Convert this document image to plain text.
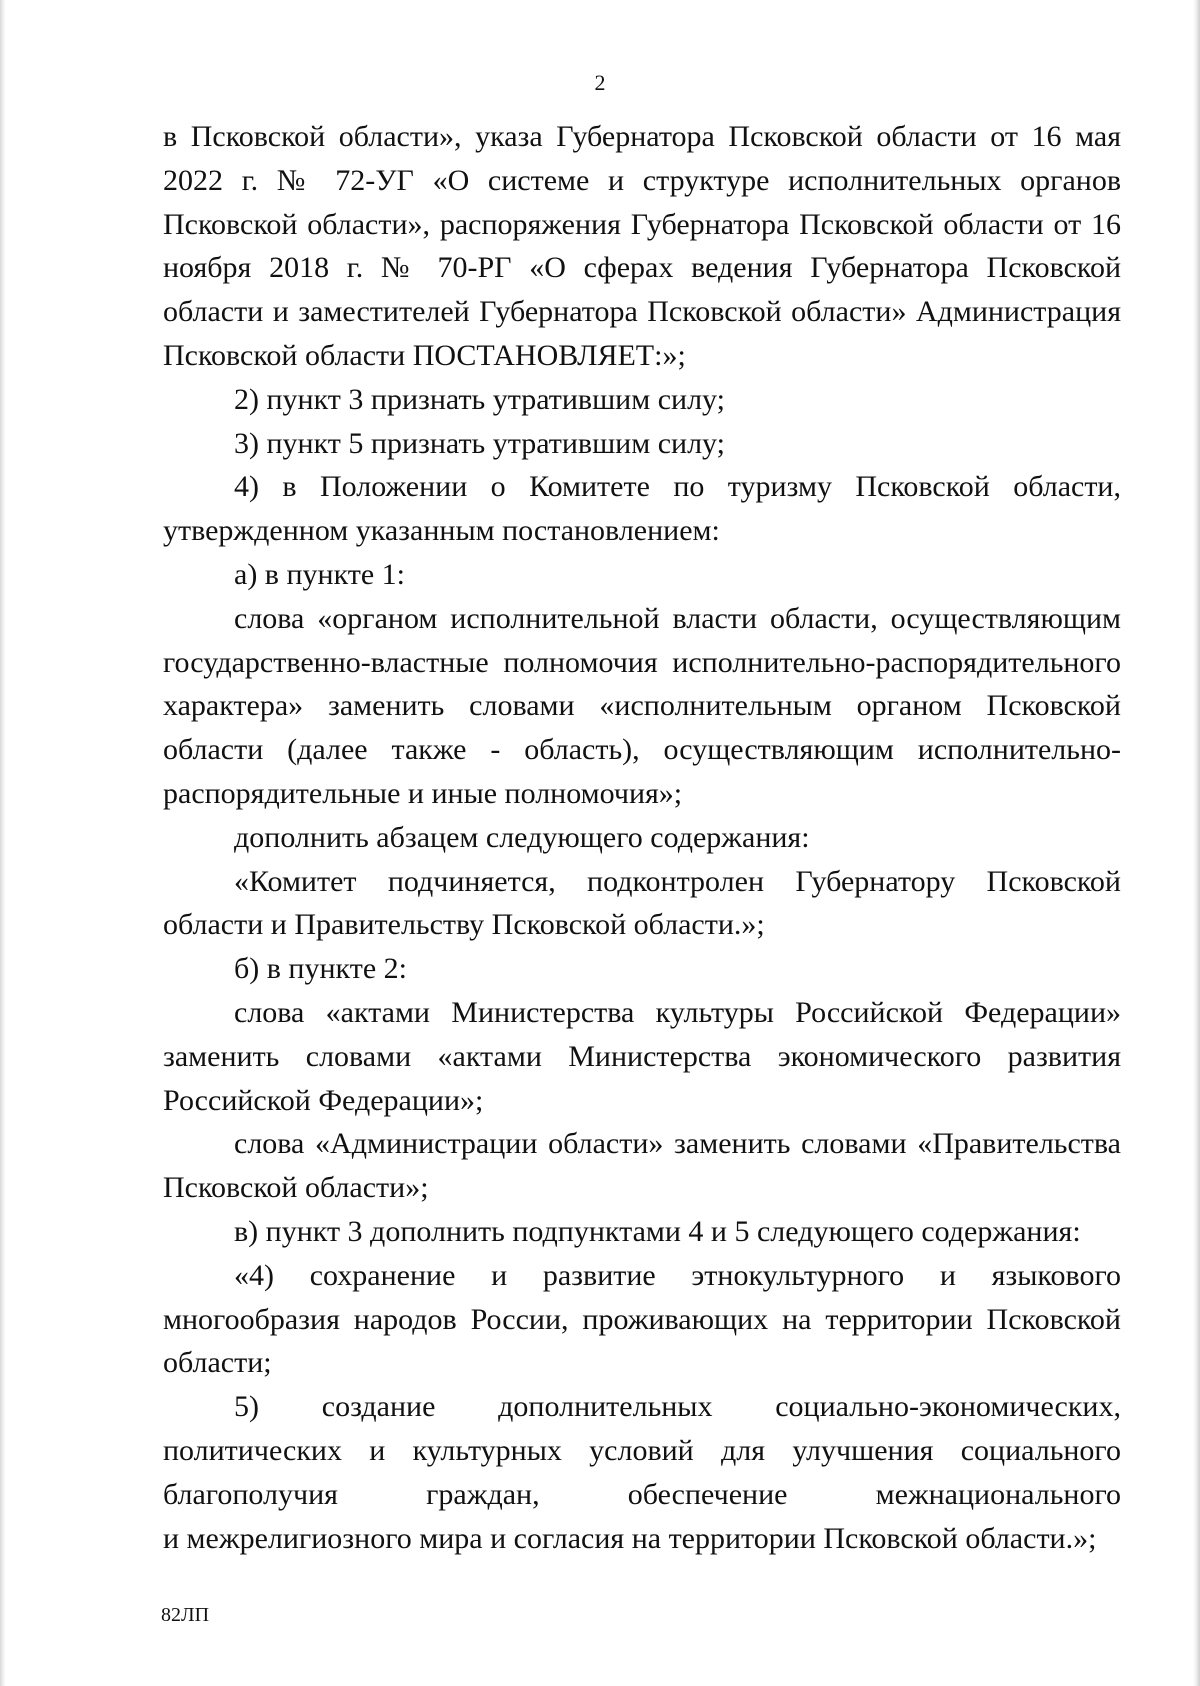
2

в Псковской области», указа Губернатора Псковской области от 16 мая 2022 г. № 72-УГ «О системе и структуре исполнительных органов Псковской области», распоряжения Губернатора Псковской области от 16 ноября 2018 г. № 70-РГ «О сферах ведения Губернатора Псковской области и заместителей Губернатора Псковской области» Администрация Псковской области ПОСТАНОВЛЯЕТ:»;

2) пункт 3 признать утратившим силу;

3) пункт 5 признать утратившим силу;

4) в Положении о Комитете по туризму Псковской области, утвержденном указанным постановлением:

а) в пункте 1:

слова «органом исполнительной власти области, осуществляющим государственно-властные полномочия исполнительно-распорядительного характера» заменить словами «исполнительным органом Псковской области (далее также - область), осуществляющим исполнительно-распорядительные и иные полномочия»;

дополнить абзацем следующего содержания:

«Комитет подчиняется, подконтролен Губернатору Псковской области и Правительству Псковской области.»;

б) в пункте 2:

слова «актами Министерства культуры Российской Федерации» заменить словами «актами Министерства экономического развития Российской Федерации»;

слова «Администрации области» заменить словами «Правительства Псковской области»;

в) пункт 3 дополнить подпунктами 4 и 5 следующего содержания:

«4) сохранение и развитие этнокультурного и языкового многообразия народов России, проживающих на территории Псковской области;

5) создание дополнительных социально-экономических, политических и культурных условий для улучшения социального благополучия граждан, обеспечение межнационального

и межрелигиозного мира и согласия на территории Псковской области.»;

82ЛП
